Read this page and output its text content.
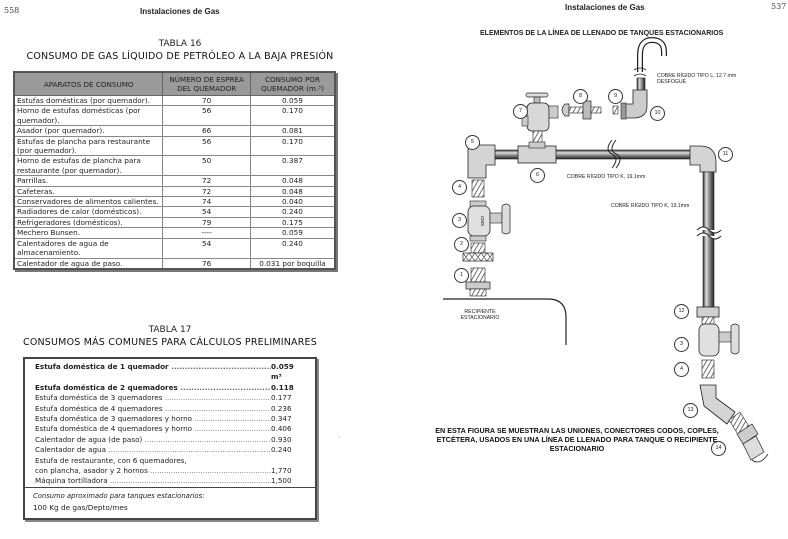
558	Instalaciones de Gas
TABLA 16
CONSUMO DE GAS LÍQUIDO DE PETRÓLEO A LA BAJA PRESIÓN
APARATOS DE CONSUMO	NÚMERO DE ESPREA DEL QUEMADOR	CONSUMO POR QUEMADOR (m.³)
Estufas domésticas (por quemador).	70	0.059
Horno de estufas domésticas (por quemador).	56	0.170
Asador (por quemador).	66	0.081
Estufas de plancha para restaurante (por quemador).	56	0.170
Horno de estufas de plancha para restaurante (por quemador).	50	0.387
Parrillas.	72	0.048
Cafeteras.	72	0.048
Conservadores de alimentos calientes.	74	0.040
Radiadores de calor (domésticos).	54	0.240
Refrigeradores (domésticos).	79	0.175
Mechero Bunsen.	----	0.059
Calentadores de agua de almacenamiento.	54	0.240
Calentador de agua de paso.	76	0.031 por boquilla
TABLA 17
CONSUMOS MÁS COMUNES PARA CÁLCULOS PRELIMINARES
Estufa doméstica de 1 quemador .....	0.059 m³
Estufa doméstica de 2 quemadores .....	0.118
Estufa doméstica de 3 quemadores .....	0.177
Estufa doméstica de 4 quemadores .....	0.236
Estufa doméstica de 3 quemadores y horno .....	0.347
Estufa doméstica de 4 quemadores y horno .....	0.406
Calentador de agua (de paso) .....	0.930
Calentador de agua .....	0.240
Estufa de restaurante, con 6 quemadores,
con plancha, asador y 2 hornos .....	1,770
Máquina tortilladora .....	1,500
Consumo aproximado para tanques estacionarios:
100 Kg de gas/Depto/mes
·
Instalaciones de Gas	537
ELEMENTOS DE LA LÍNEA DE LLENADO DE TANQUES ESTACIONARIOS
CMS
1
2
3
4
5
6
7
8	9
10
11
12
3
4
13
14
COBRE RÍGIDO TIPO L, 12.7 mm
DESFOGUE
COBRE RÍGIDO TIPO K, 19.1mm
COBRE RÍGIDO TIPO K, 19.1mm
RECIPIENTE
ESTACIONARIO
EN ESTA FIGURA SE MUESTRAN LAS UNIONES, CONECTORES CODOS, COPLES, ETCÉTERA, USADOS EN UNA LÍNEA DE LLENADO PARA TANQUE O RECIPIENTE ESTACIONARIO
